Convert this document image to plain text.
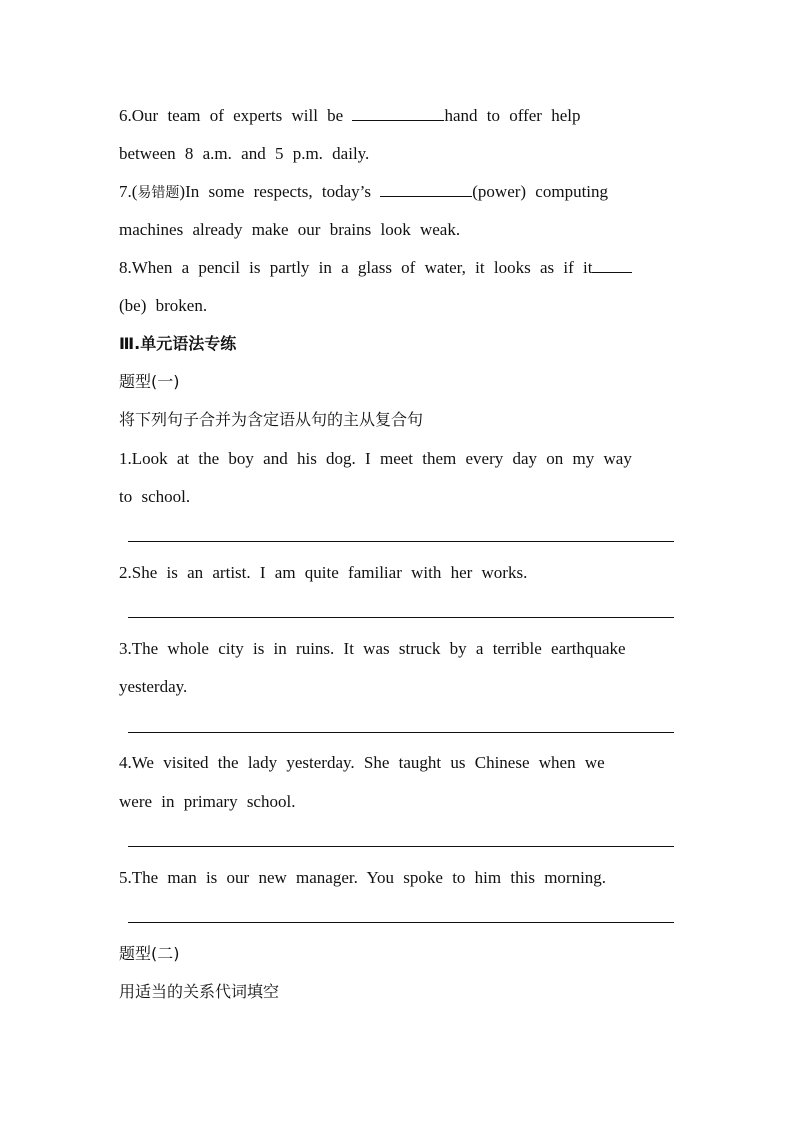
6.Our team of experts will be	hand to offer help
between 8 a.m. and 5 p.m. daily.
7.(易错题)In some respects, today’s	(power) computing
machines already make our brains look weak.
8.When a pencil is partly in a glass of water, it looks as if it
(be) broken.
Ⅲ.单元语法专练
题型(一)
将下列句子合并为含定语从句的主从复合句
1.Look at the boy and his dog. I meet them every day on my way
to school.
2.She is an artist. I am quite familiar with her works.
3.The whole city is in ruins. It was struck by a terrible earthquake
yesterday.
4.We visited the lady yesterday. She taught us Chinese when we
were in primary school.
5.The man is our new manager. You spoke to him this morning.
题型(二)
用适当的关系代词填空
